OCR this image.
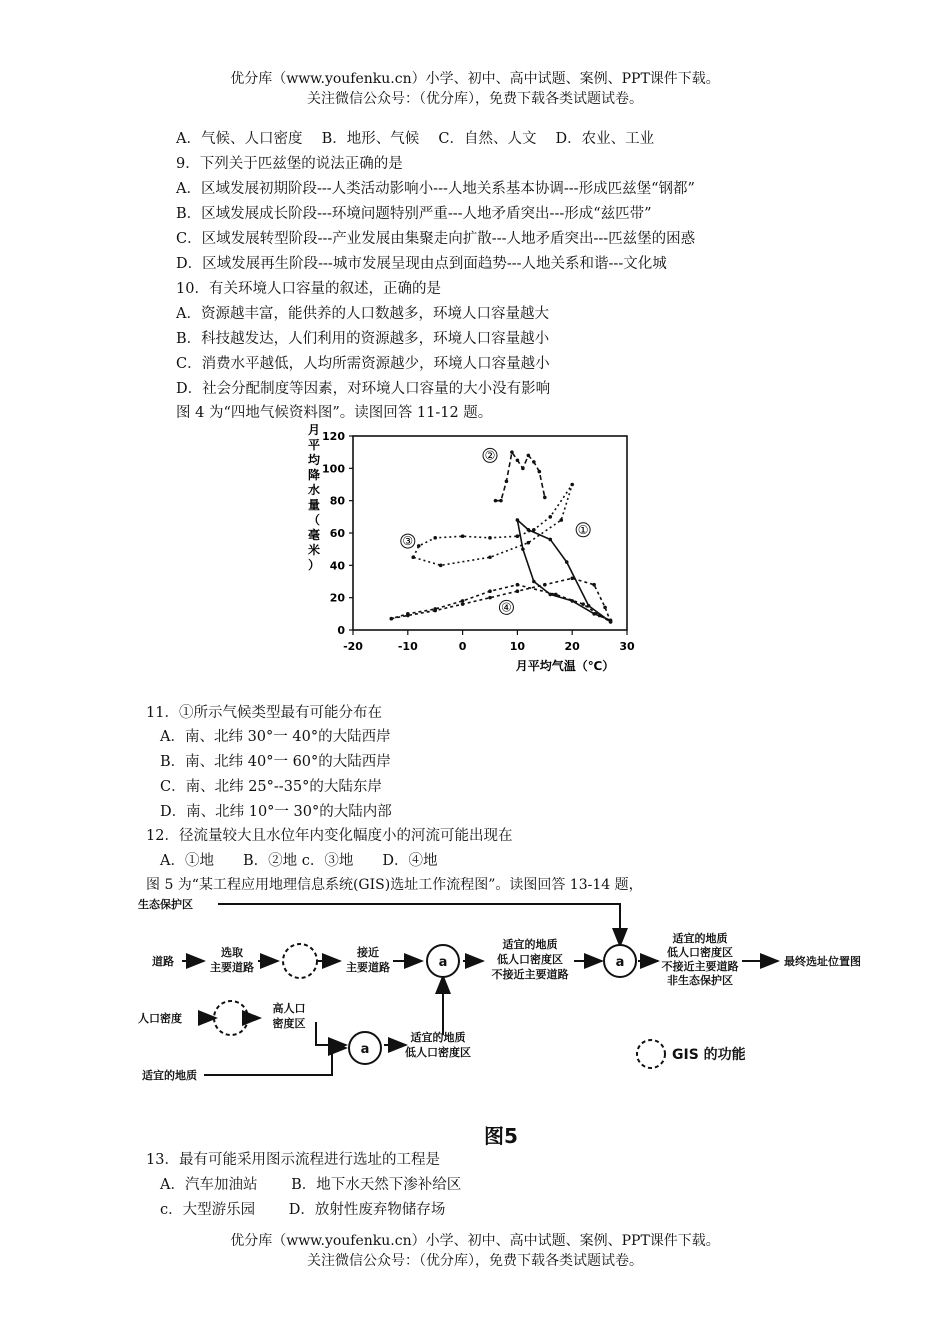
优分库（www.youfenku.cn）小学、初中、高中试题、案例、PPT课件下载。
关注微信公众号：（优分库），免费下载各类试题试卷。
A．气候、人口密度　 B．地形、气候　 C．自然、人文　 D．农业、工业
9．下列关于匹兹堡的说法正确的是
A．区域发展初期阶段---人类活动影响小---人地关系基本协调---形成匹兹堡“钢都”
B．区域发展成长阶段---环境问题特别严重---人地矛盾突出---形成“兹匹带”
C．区域发展转型阶段---产业发展由集聚走向扩散---人地矛盾突出---匹兹堡的困惑
D．区域发展再生阶段---城市发展呈现由点到面趋势---人地关系和谐---文化城
10．有关环境人口容量的叙述，正确的是
A．资源越丰富，能供养的人口数越多，环境人口容量越大
B．科技越发达，人们利用的资源越多，环境人口容量越小
C．消费水平越低，人均所需资源越少，环境人口容量越小
D．社会分配制度等因素，对环境人口容量的大小没有影响
图 4 为“四地气候资料图”。读图回答 11-12 题。
月
平
均
降
水
量
（
毫
米
）
-20	-10	0	10	20	30
0
20
40
60
80
100
120
①
②
③
④
月平均气温（℃）
11．①所示气候类型最有可能分布在
A．南、北纬 30°一 40°的大陆西岸
B．南、北纬 40°一 60°的大陆西岸
C．南、北纬 25°--35°的大陆东岸
D．南、北纬 10°一 30°的大陆内部
12．径流量较大且水位年内变化幅度小的河流可能出现在
A．①地　　B．②地 c．③地　　D．④地
图 5 为“某工程应用地理信息系统(GIS)选址工作流程图”。读图回答 13-14 题，
生态保护区
道路
选取
主要道路
接近
主要道路	a	a
a
适宜的地质
低人口密度区
不接近主要道路
适宜的地质
低人口密度区
不接近主要道路
非生态保护区
最终选址位置图
人口密度
高人口
密度区
适宜的地质
低人口密度区
适宜的地质
GIS 的功能
图5
13．最有可能采用图示流程进行选址的工程是
A．汽车加油站　　 B．地下水天然下渗补给区
c．大型游乐园　　 D．放射性废弃物储存场
优分库（www.youfenku.cn）小学、初中、高中试题、案例、PPT课件下载。
关注微信公众号：（优分库），免费下载各类试题试卷。
